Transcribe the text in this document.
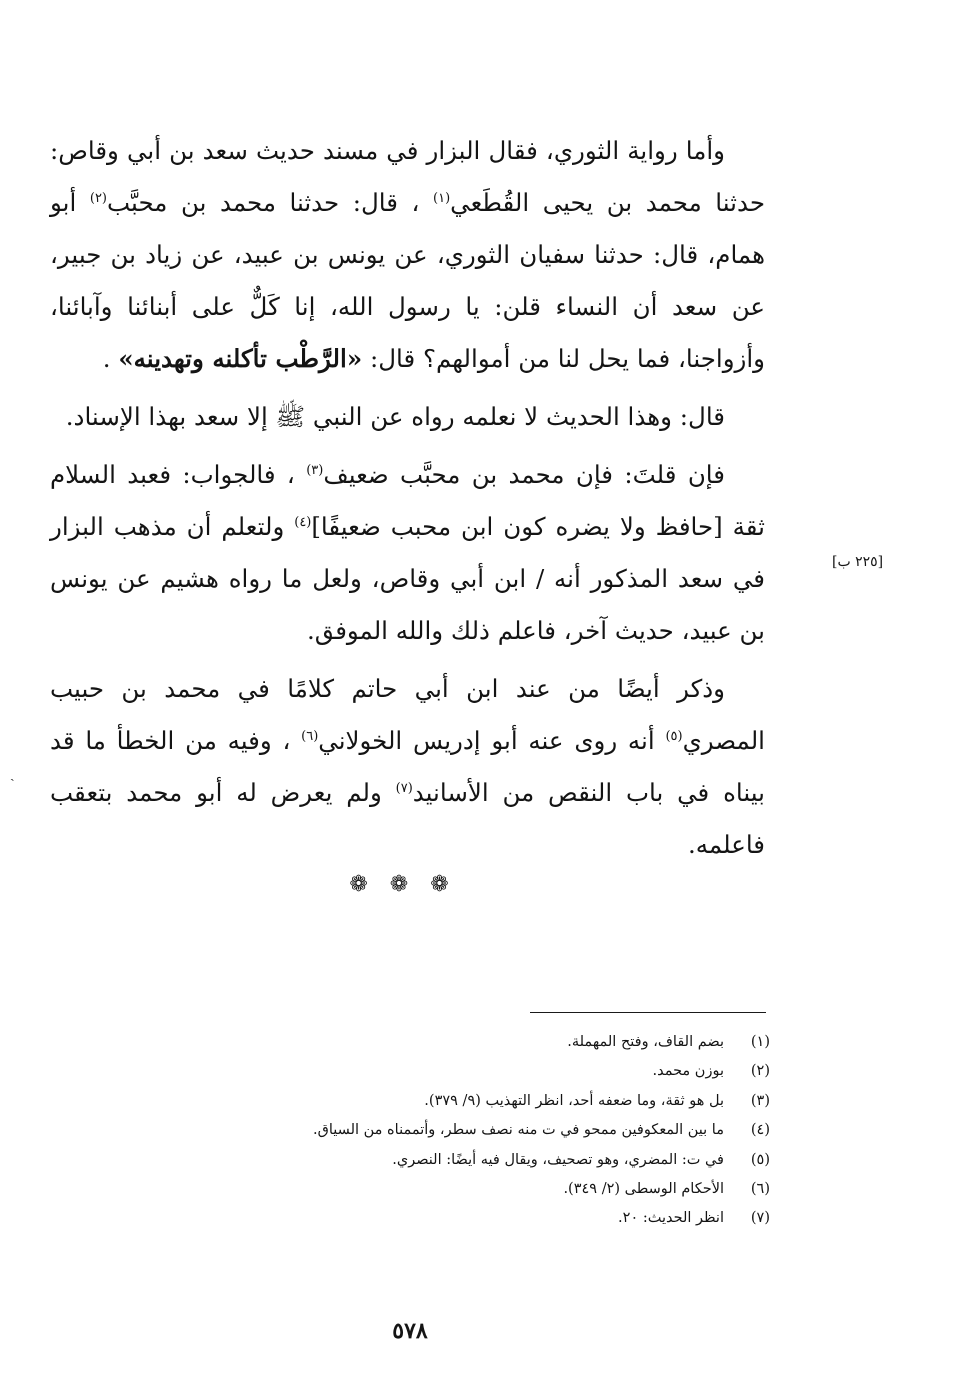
وأما رواية الثوري، فقال البزار في مسند حديث سعد بن أبي وقاص: حدثنا محمد بن يحيى القُطَعي$^{(١)}$ ، قال: حدثنا محمد بن محبَّب$^{(٢)}$ أبو همام، قال: حدثنا سفيان الثوري، عن يونس بن عبيد، عن زياد بن جبير، عن سعد أن النساء قلن: يا رسول الله، إنا كَلٌّ على أبنائنا وآبائنا، وأزواجنا، فما يحل لنا من أموالهم؟ قال: «الرَّطْب تأكلنه وتهدينه» .

قال: وهذا الحديث لا نعلمه رواه عن النبي ﷺ إلا سعد بهذا الإسناد.

فإن قلتَ: فإن محمد بن محبَّب ضعيف$^{(٣)}$ ، فالجواب: فعبد السلام ثقة [حافظ ولا يضره كون ابن محبب ضعيفًا]$^{(٤)}$ ولتعلم أن مذهب البزار في سعد المذكور أنه / ابن أبي وقاص، ولعل ما رواه هشيم عن يونس بن عبيد، حديث آخر، فاعلم ذلك والله الموفق.

وذكر أيضًا من عند ابن أبي حاتم كلامًا في محمد بن حبيب المصري$^{(٥)}$ أنه روى عنه أبو إدريس الخولاني$^{(٦)}$ ، وفيه من الخطأ ما قد بيناه في باب النقص من الأسانيد$^{(٧)}$ ولم يعرض له أبو محمد بتعقب فاعلمه.

[٢٢٥ ب]
ˎ
❁❁❁
(١)
بضم القاف، وفتح المهملة.
(٢)
بوزن محمد.
(٣)
بل هو ثقة، وما ضعفه أحد، انظر التهذيب (٩/ ٣٧٩).
(٤)
ما بين المعكوفين ممحو في ت منه نصف سطر، وأتممناه من السياق.
(٥)
في ت: المضري، وهو تصحيف، ويقال فيه أيضًا: النصري.
(٦)
الأحكام الوسطى (٢/ ٣٤٩).
(٧)
انظر الحديث: ٢٠.
٥٧٨
